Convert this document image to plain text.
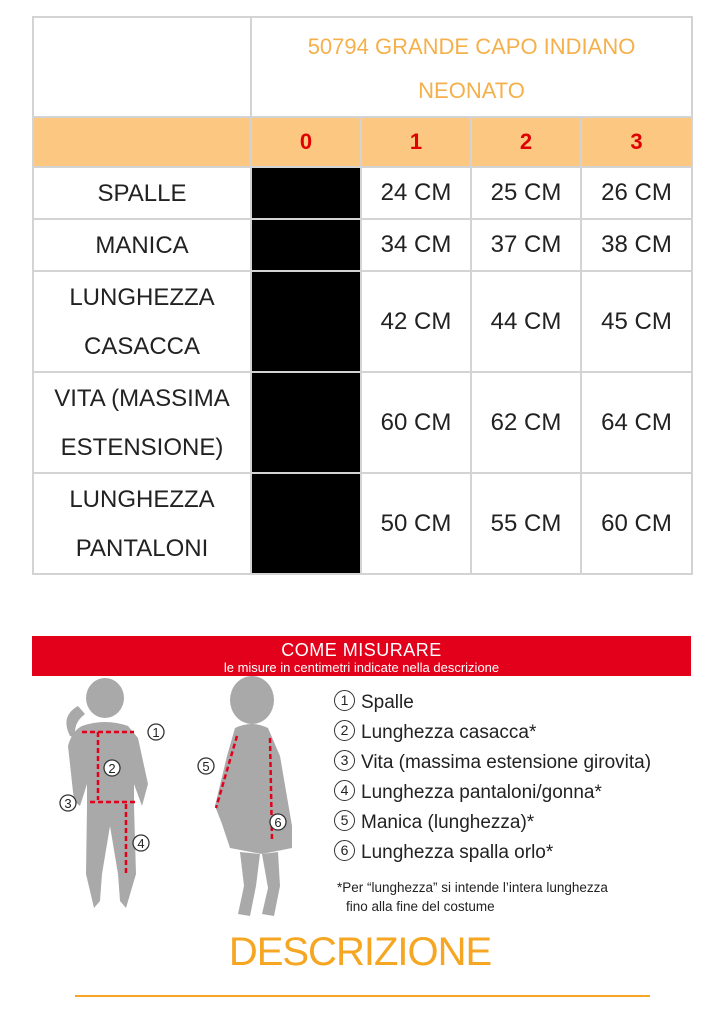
	50794 GRANDE CAPO INDIANO
NEONATO			

	0	1	2	3

SPALLE		24 CM	25 CM	26 CM

MANICA		34 CM	37 CM	38 CM

LUNGHEZZA
CASACCA		42 CM	44 CM	45 CM

VITA (MASSIMA
ESTENSIONE)		60 CM	62 CM	64 CM

LUNGHEZZA
PANTALONI		50 CM	55 CM	60 CM
COME MISURARE
le misure in centimetri indicate nella descrizione
1
2
3
4
5
6
1 Spalle
2 Lunghezza casacca*
3 Vita (massima estensione girovita)
4 Lunghezza pantaloni/gonna*
5 Manica (lunghezza)*
6 Lunghezza spalla orlo*
*Per “lunghezza” si intende l’intera lunghezza
fino alla fine del costume
DESCRIZIONE
